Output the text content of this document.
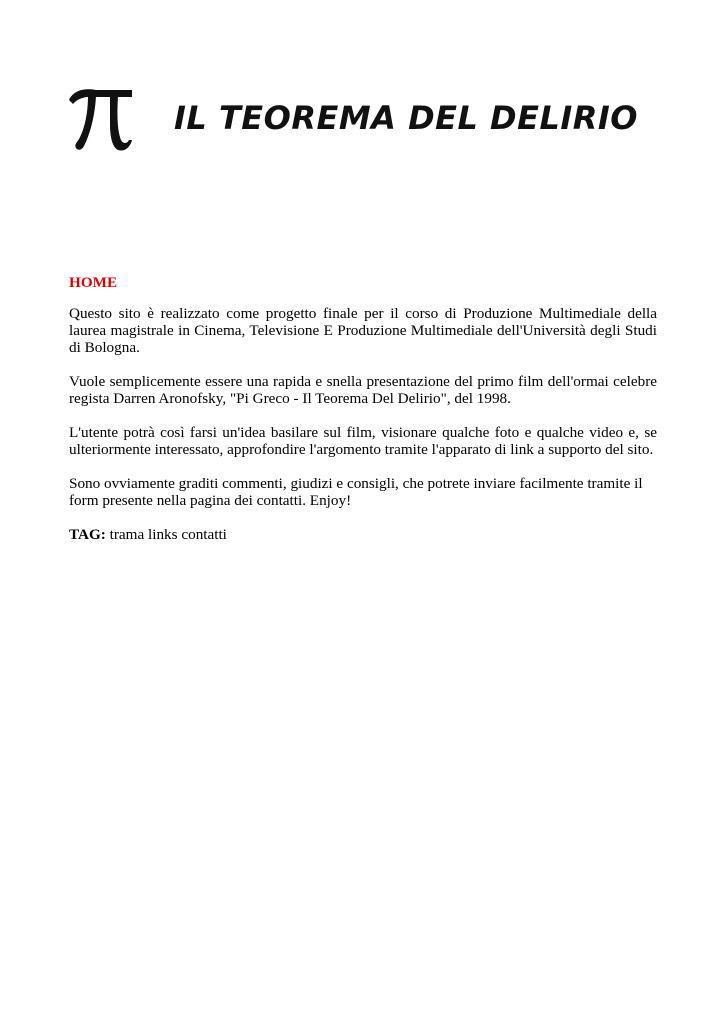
IL TEOREMA DEL DELIRIO
HOME

Questo sito è realizzato come progetto finale per il corso di Produzione Multimediale della laurea magistrale in Cinema, Televisione E Produzione Multimediale dell'Università degli Studi di Bologna.

Vuole semplicemente essere una rapida e snella presentazione del primo film dell'ormai celebre regista Darren Aronofsky, "Pi Greco - Il Teorema Del Delirio", del 1998.

L'utente potrà così farsi un'idea basilare sul film, visionare qualche foto e qualche video e, se ulteriormente interessato, approfondire l'argomento tramite l'apparato di link a supporto del sito.

Sono ovviamente graditi commenti, giudizi e consigli, che potrete inviare facilmente tramite il form presente nella pagina dei contatti. Enjoy!

TAG: trama links contatti
